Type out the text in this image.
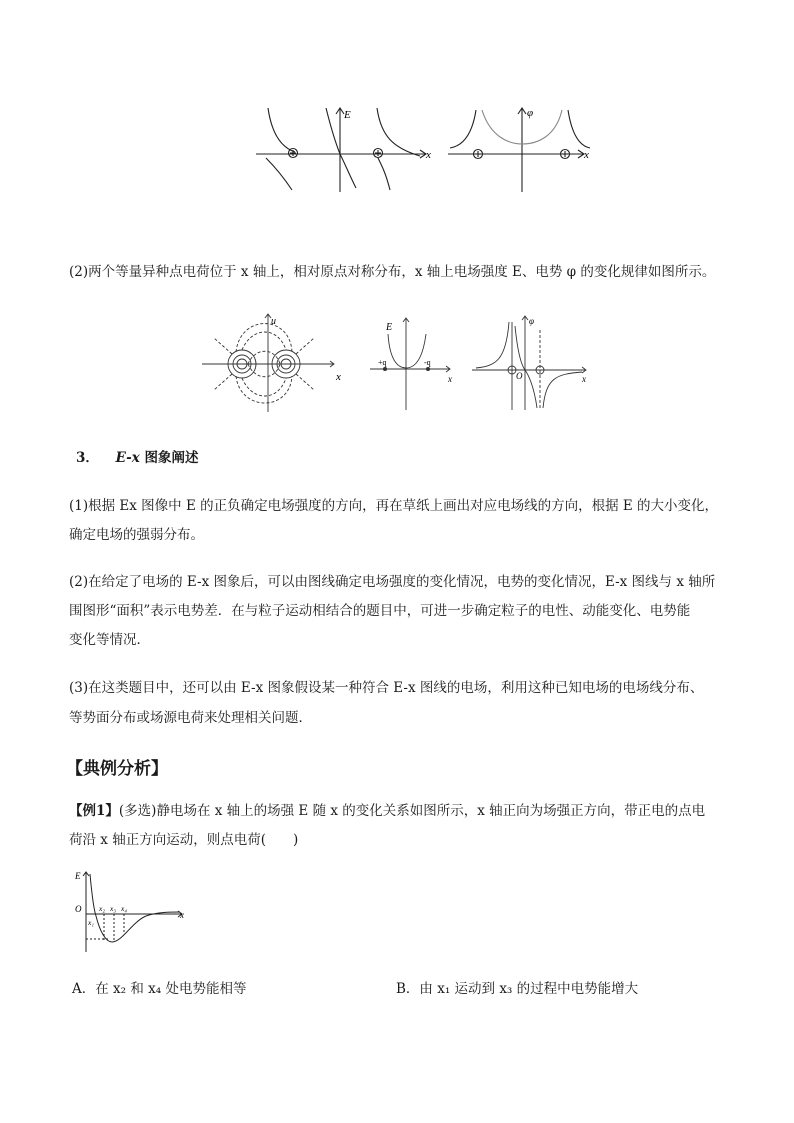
E
x
φ
x
(2)两个等量异种点电荷位于 x 轴上，相对原点对称分布，x 轴上电场强度 E、电势 φ 的变化规律如图所示。
u
x
E
+q	-q
x
φ
O	x
3． E-x 图象阐述
(1)根据 Ex 图像中 E 的正负确定电场强度的方向，再在草纸上画出对应电场线的方向，根据 E 的大小变化，
确定电场的强弱分布。
(2)在给定了电场的 E-x 图象后，可以由图线确定电场强度的变化情况，电势的变化情况，E-x 图线与 x 轴所
围图形“面积”表示电势差．在与粒子运动相结合的题目中，可进一步确定粒子的电性、动能变化、电势能
变化等情况．
(3)在这类题目中，还可以由 E-x 图象假设某一种符合 E-x 图线的电场，利用这种已知电场的电场线分布、
等势面分布或场源电荷来处理相关问题．
【典例分析】
【例1】(多选)静电场在 x 轴上的场强 E 随 x 的变化关系如图所示，x 轴正向为场强正方向，带正电的点电
荷沿 x 轴正方向运动，则点电荷(　　)
E
O
x₁
x₂ x₃ x₄
x
A．在 x₂ 和 x₄ 处电势能相等	B．由 x₁ 运动到 x₃ 的过程中电势能增大
